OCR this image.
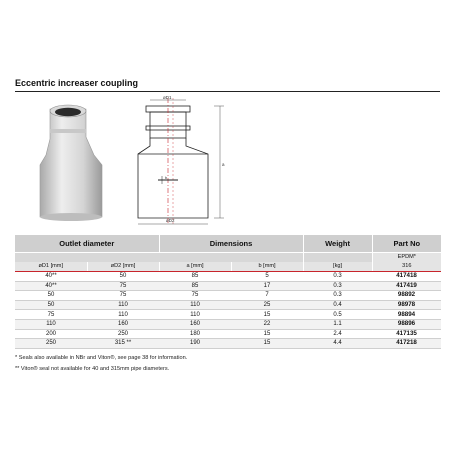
Eccentric increaser coupling
øD1
øD2
a
b
Outlet diameter		Dimensions		Weight	Part No
					EPDM*
øD1 [mm]	øD2 [mm]	a [mm]	b [mm]	[kg]	316
40**	50	85	5	0.3	417418
40**	75	85	17	0.3	417419
50	75	75	7	0.3	98892
50	110	110	25	0.4	98978
75	110	110	15	0.5	98894
110	160	160	22	1.1	98896
200	250	180	15	2.4	417135
250	315 **	190	15	4.4	417218
* Seals also available in NBr and Viton®, see page 38 for information.
** Viton® seal not available for 40 and 315mm pipe diameters.
